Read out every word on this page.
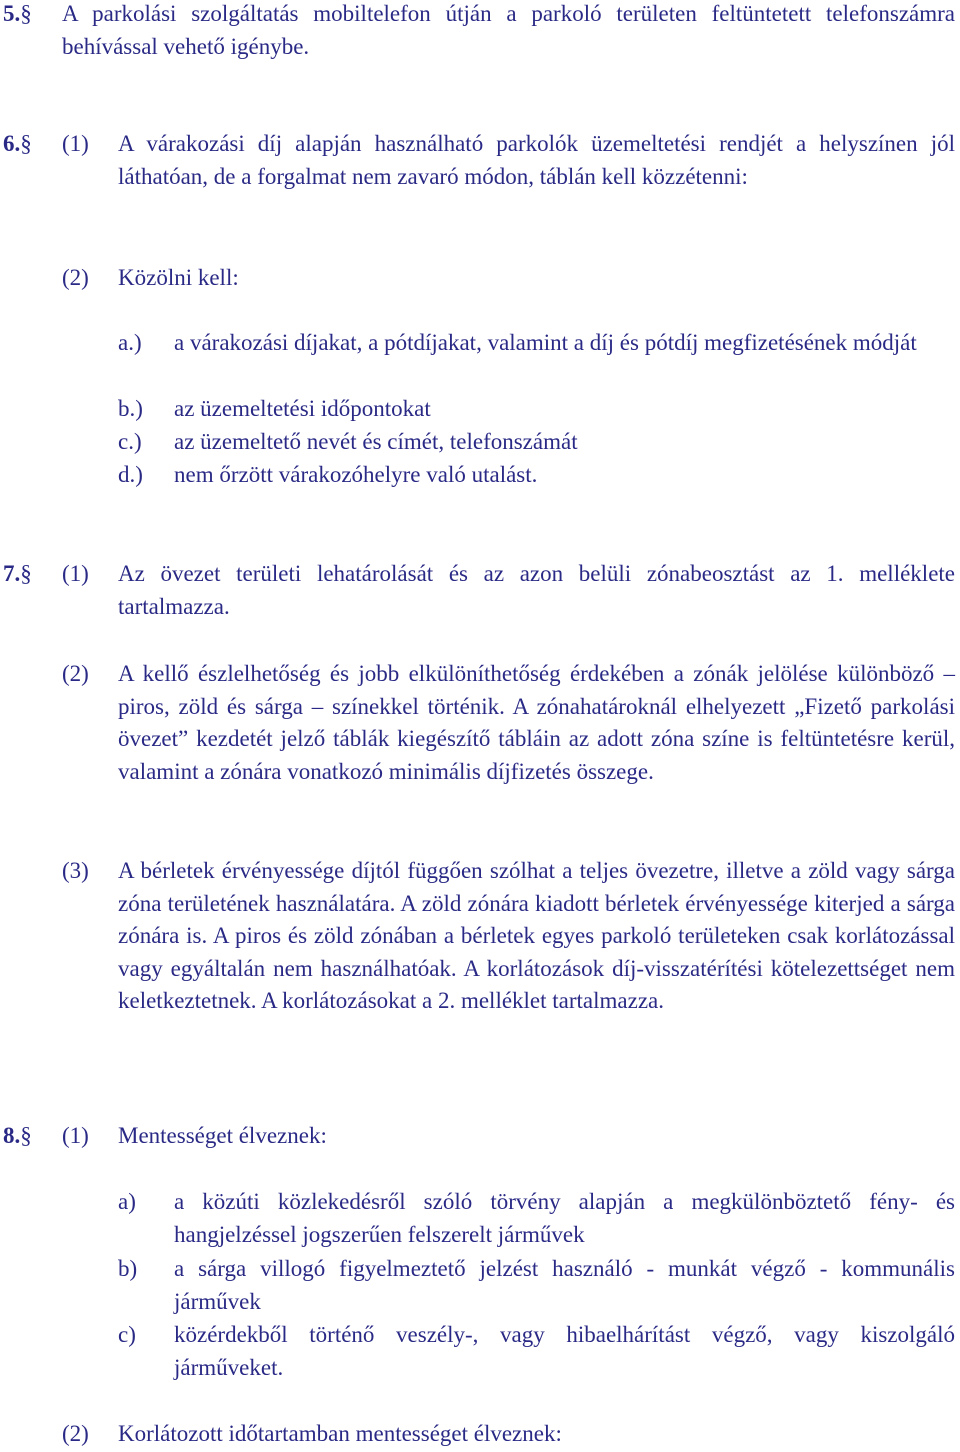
5.§ A parkolási szolgáltatás mobiltelefon útján a parkoló területen feltüntetett telefonszámra behívással vehető igénybe.
6.§ (1) A várakozási díj alapján használható parkolók üzemeltetési rendjét a helyszínen jól láthatóan, de a forgalmat nem zavaró módon, táblán kell közzétenni:
(2) Közölni kell:
a.) a várakozási díjakat, a pótdíjakat, valamint a díj és pótdíj megfizetésének módját
b.) az üzemeltetési időpontokat
c.) az üzemeltető nevét és címét, telefonszámát
d.) nem őrzött várakozóhelyre való utalást.
7.§ (1) Az övezet területi lehatárolását és az azon belüli zónabeosztást az 1. melléklete tartalmazza.
(2) A kellő észlelhetőség és jobb elkülöníthetőség érdekében a zónák jelölése különböző – piros, zöld és sárga – színekkel történik. A zónahatároknál elhelyezett „Fizető parkolási övezet” kezdetét jelző táblák kiegészítő tábláin az adott zóna színe is feltüntetésre kerül, valamint a zónára vonatkozó minimális díjfizetés összege.
(3) A bérletek érvényessége díjtól függően szólhat a teljes övezetre, illetve a zöld vagy sárga zóna területének használatára. A zöld zónára kiadott bérletek érvényessége kiterjed a sárga zónára is. A piros és zöld zónában a bérletek egyes parkoló területeken csak korlátozással vagy egyáltalán nem használhatóak. A korlátozások díj-visszatérítési kötelezettséget nem keletkeztetnek. A korlátozásokat a 2. melléklet tartalmazza.
8.§ (1) Mentességet élveznek:
a) a közúti közlekedésről szóló törvény alapján a megkülönböztető fény- és hangjelzéssel jogszerűen felszerelt járművek
b) a sárga villogó figyelmeztető jelzést használó - munkát végző - kommunális járművek
c) közérdekből történő veszély-, vagy hibaelhárítást végző, vagy kiszolgáló járműveket.
(2) Korlátozott időtartamban mentességet élveznek:
